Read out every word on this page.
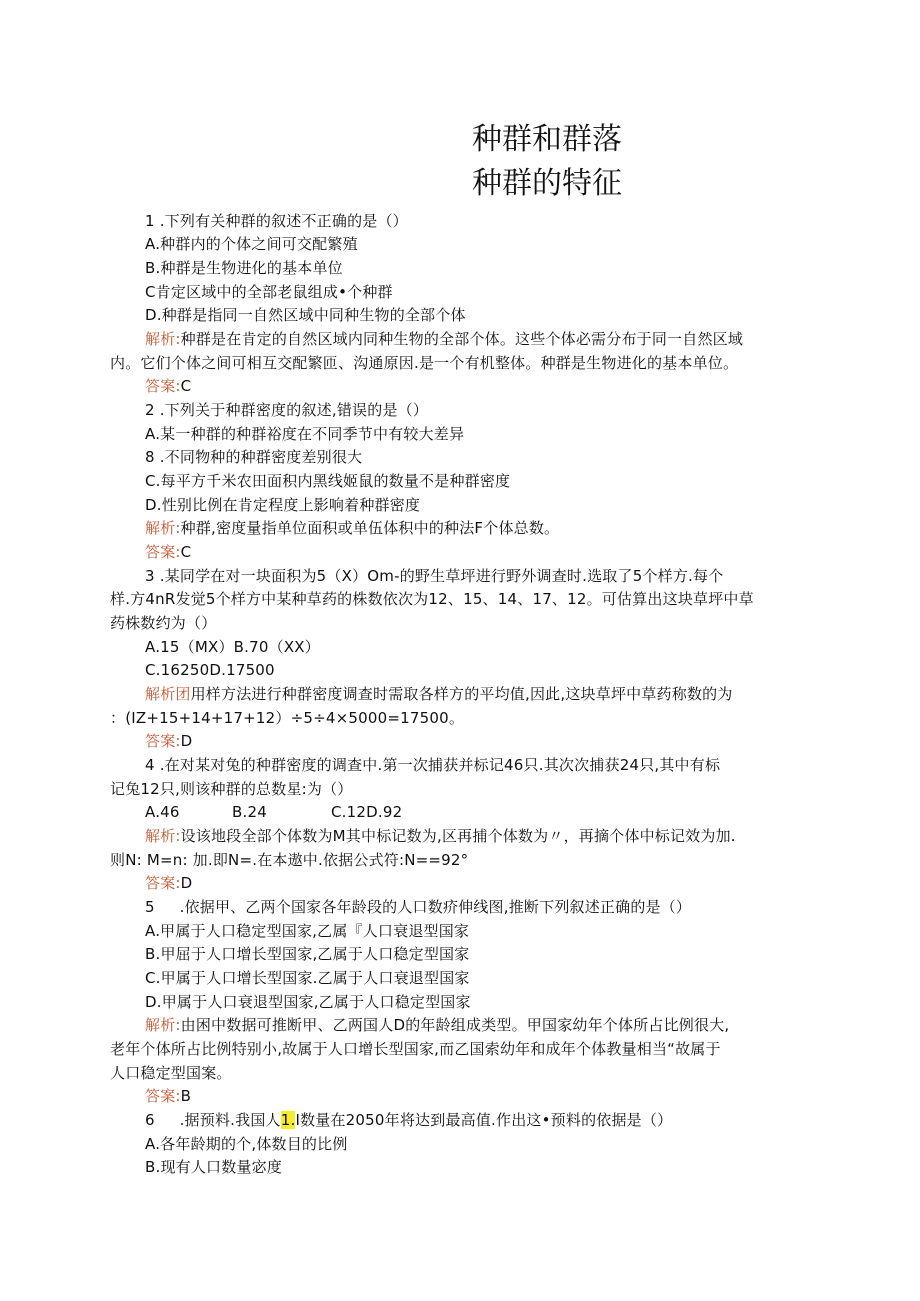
种群和群落
种群的特征
1 .下列有关种群的叙述不正确的是（）
A.种群内的个体之间可交配繁殖
B.种群是生物进化的基本单位
C肯定区域中的全部老鼠组成•个种群
D.种群是指同一自然区域中同种生物的全部个体
解析:种群是在肯定的自然区域内同种生物的全部个体。这些个体必需分布于同一自然区域
内。它们个体之间可相互交配繁匝、沟通原因.是一个有机整体。种群是生物进化的基本单位。
答案:C
2 .下列关于种群密度的叙述,错误的是（）
A.某一种群的种群裕度在不同季节中有较大差异
8 .不同物种的种群密度差别很大
C.每平方千米农田面积内黑线姬鼠的数量不是种群密度
D.性别比例在肯定程度上影响着种群密度
解析:种群,密度量指单位面积或单伍体积中的种法F个体总数。
答案:C
3 .某同学在对一块面积为5（X）Om-的野生草坪进行野外调查时.选取了5个样方.每个
样.方4nR发觉5个样方中某种草药的株数依次为12、15、14、17、12。可估算出这块草坪中草
药株数约为（）
A.15（MX）B.70（XX）
C.16250D.17500
解析团用样方法进行种群密度调查时需取各样方的平均值,因此,这块草坪中草药称数的为
：(IZ+15+14+17+12）÷5÷4×5000=17500。
答案:D
4 .在对某对兔的种群密度的调查中.第一次捕获并标记46只.其次次捕获24只,其中有标
记兔12只,则该种群的总数星:为（）
A.46	B.24	C.12D.92
解析:设该地段全部个体数为M其中标记数为,区再捕个体数为〃，再摘个体中标记效为加.
则N: M=n: 加.即N=.在本遨中.依据公式符:N==92°
答案:D
5     .依据甲、乙两个国家各年龄段的人口数疥伸线图,推断下列叙述正确的是（）
A.甲属于人口稳定型国家,乙属『人口衰退型国家
B.甲屈于人口增长型国家,乙属于人口稳定型国家
C.甲属于人口增长型国家.乙属于人口衰退型国家
D.甲属于人口衰退型国家,乙属于人口稳定型国家
解析:由困中数据可推断甲、乙两国人D的年龄组成类型。甲国家幼年个体所占比例很大,
老年个体所占比例特别小,故属于人口增长型国家,而乙国索幼年和成年个体教量相当“故属于
人口稳定型国案。
答案:B
6     .据预料.我国人1.I数量在2050年将达到最高值.作出这•预料的依据是（）
A.各年龄期的个,体数目的比例
B.现有人口数量宓度
